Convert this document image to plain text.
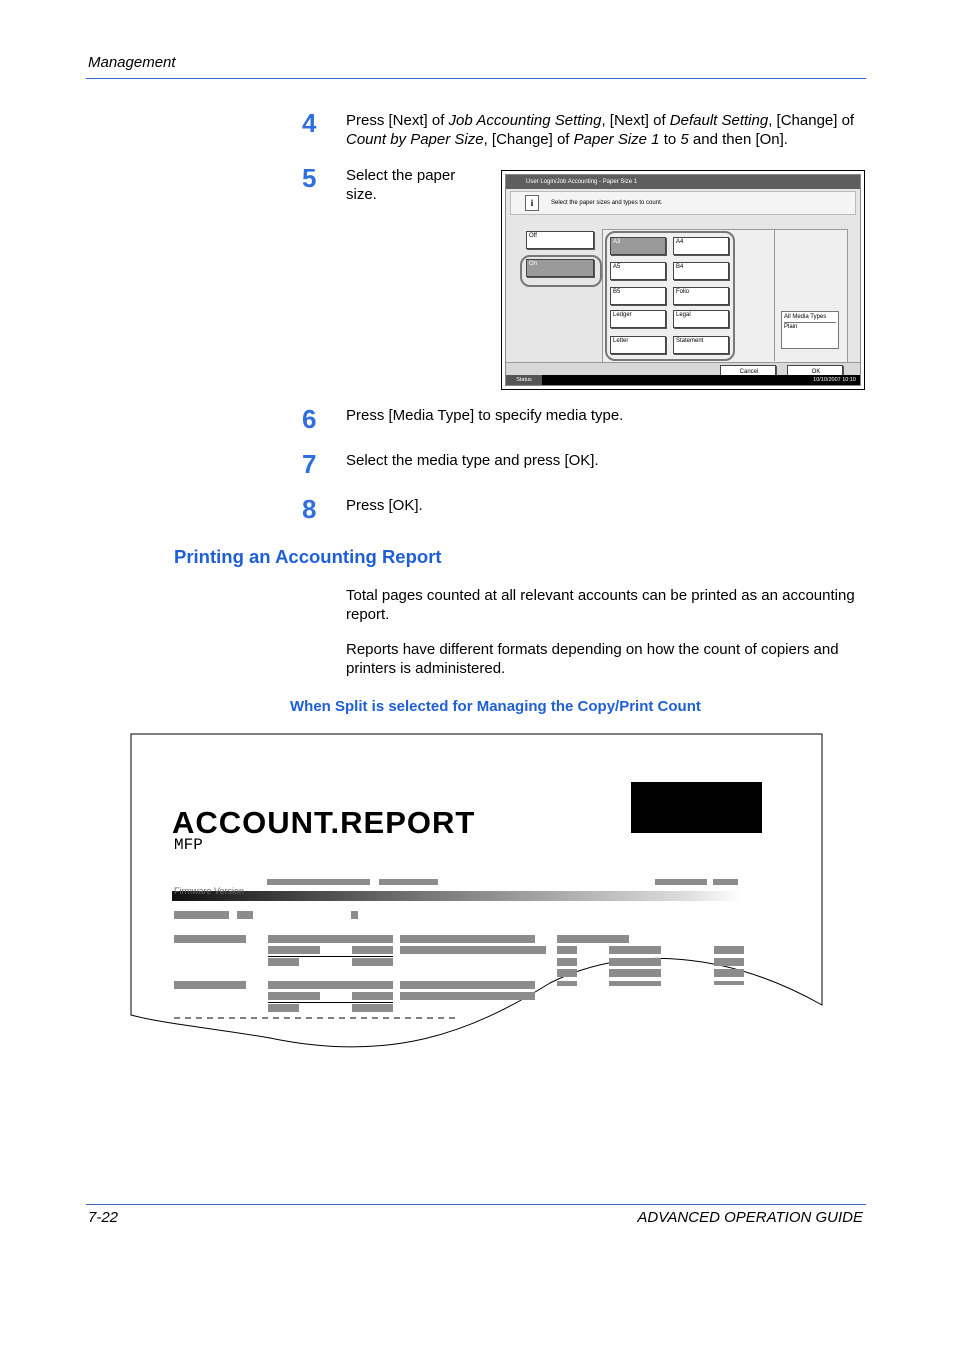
Management
4 Press [Next] of Job Accounting Setting, [Next] of Default Setting, [Change] of Count by Paper Size, [Change] of Paper Size 1 to 5 and then [On].
5 Select the paper size.
User Login/Job Accounting - Paper Size 1
i	Select the paper sizes and types to count.
Off
On
A3	A4
A5	B4
B5	Folio
Ledger	Legal
Letter	Statement
All Media Types
Plain
Cancel	OK
Status	10/10/2007 10:10
6 Press [Media Type] to specify media type.
7 Select the media type and press [OK].
8 Press [OK].
Printing an Accounting Report
Total pages counted at all relevant accounts can be printed as an accounting report.
Reports have different formats depending on how the count of copiers and printers is administered.
When Split is selected for Managing the Copy/Print Count
ACCOUNT.REPORT
MFP
Firmware Version
7-22	ADVANCED OPERATION GUIDE
